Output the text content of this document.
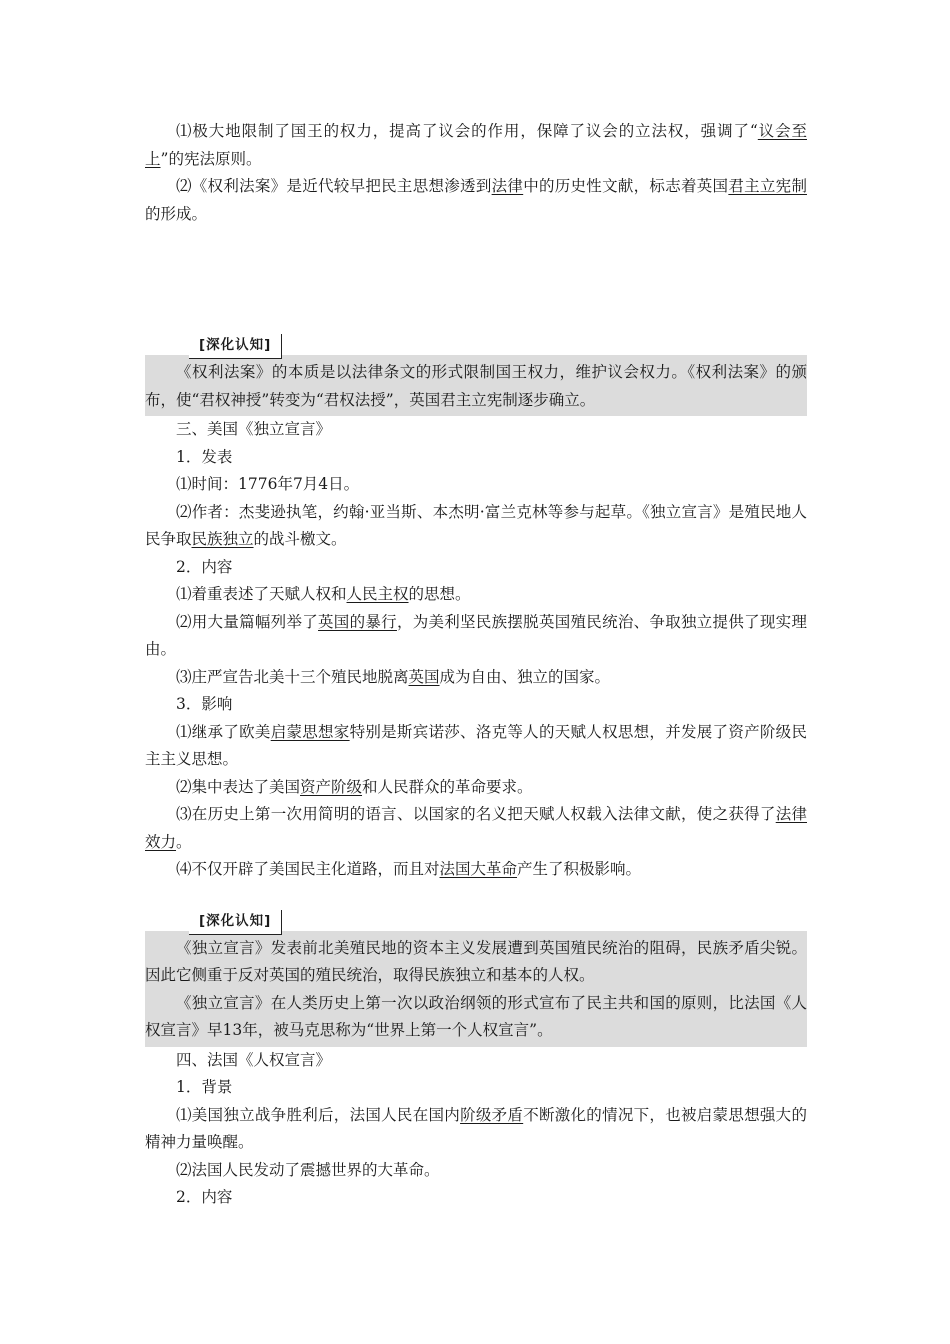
⑴极大地限制了国王的权力，提高了议会的作用，保障了议会的立法权，强调了“议会至上”的宪法原则。

⑵《权利法案》是近代较早把民主思想渗透到法律中的历史性文献，标志着英国君主立宪制的形成。

[深化认知]

《权利法案》的本质是以法律条文的形式限制国王权力，维护议会权力。《权利法案》的颁布，使“君权神授”转变为“君权法授”，英国君主立宪制逐步确立。

三、美国《独立宣言》

1．发表

⑴时间：1776年7月4日。

⑵作者：杰斐逊执笔，约翰·亚当斯、本杰明·富兰克林等参与起草。《独立宣言》是殖民地人民争取民族独立的战斗檄文。

2．内容

⑴着重表述了天赋人权和人民主权的思想。

⑵用大量篇幅列举了英国的暴行，为美利坚民族摆脱英国殖民统治、争取独立提供了现实理由。

⑶庄严宣告北美十三个殖民地脱离英国成为自由、独立的国家。

3．影响

⑴继承了欧美启蒙思想家特别是斯宾诺莎、洛克等人的天赋人权思想，并发展了资产阶级民主主义思想。

⑵集中表达了美国资产阶级和人民群众的革命要求。

⑶在历史上第一次用简明的语言、以国家的名义把天赋人权载入法律文献，使之获得了法律效力。

⑷不仅开辟了美国民主化道路，而且对法国大革命产生了积极影响。

[深化认知]

《独立宣言》发表前北美殖民地的资本主义发展遭到英国殖民统治的阻碍，民族矛盾尖锐。因此它侧重于反对英国的殖民统治，取得民族独立和基本的人权。

《独立宣言》在人类历史上第一次以政治纲领的形式宣布了民主共和国的原则，比法国《人权宣言》早13年，被马克思称为“世界上第一个人权宣言”。

四、法国《人权宣言》

1．背景

⑴美国独立战争胜利后，法国人民在国内阶级矛盾不断激化的情况下，也被启蒙思想强大的精神力量唤醒。

⑵法国人民发动了震撼世界的大革命。

2．内容
